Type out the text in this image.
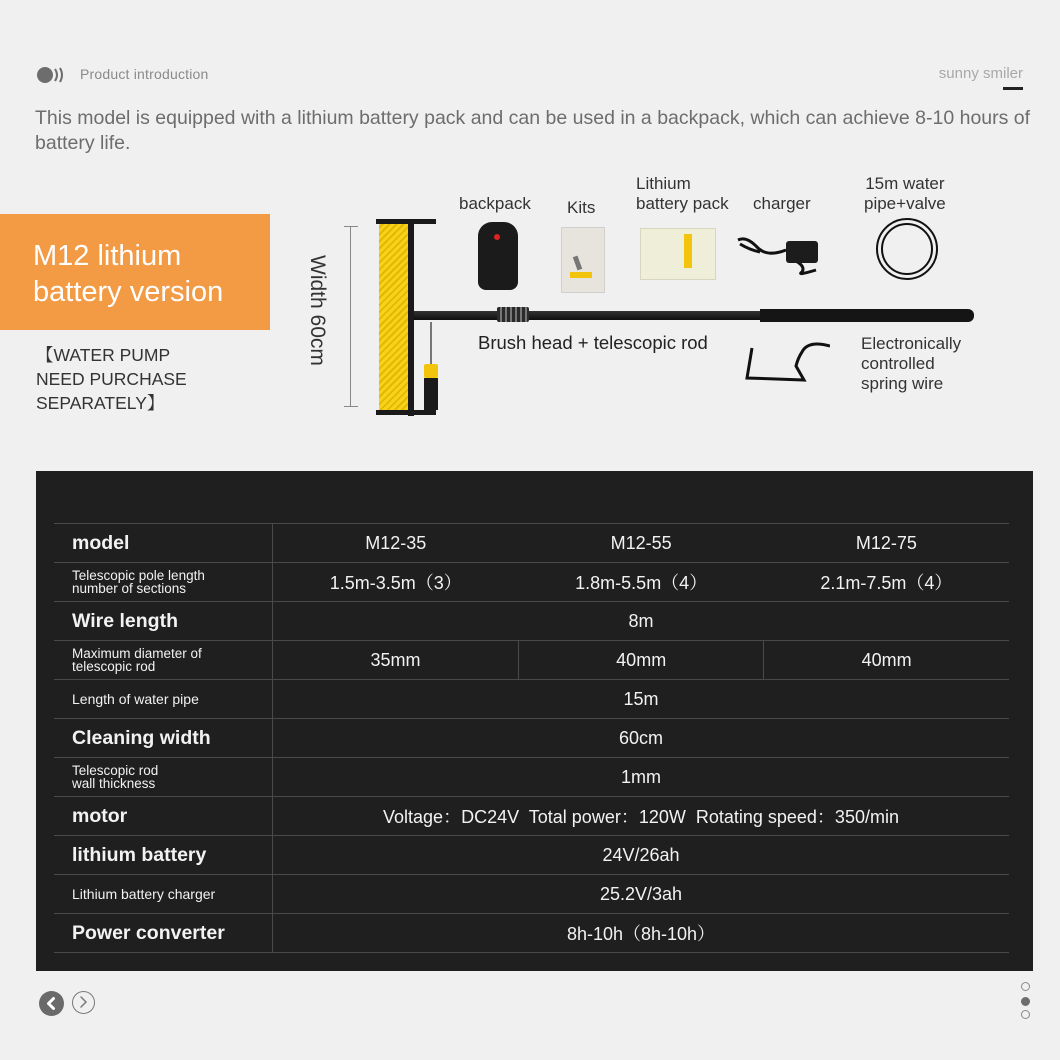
Product introduction	sunny smiler
This model is equipped with a lithium battery pack and can be used in a backpack, which can achieve 8-10 hours of battery life.
M12 lithium
battery version
【WATER PUMP
NEED PURCHASE
SEPARATELY】
Width 60cm	Brush head + telescopic rod
backpack Kits
Lithium
battery pack charger
15m water
pipe+valve
Electronically
controlled
spring wire
model	M12-35	M12-55	M12-75

Telescopic pole length
number of sections	1.5m-3.5m（3）	1.8m-5.5m（4）	2.1m-7.5m（4）
Wire length	8m		

Maximum diameter of
telescopic rod	35mm	40mm	40mm
Length of water pipe	15m		
Cleaning width	60cm		

Telescopic rod
wall thickness	1mm		
motor	Voltage：DC24V  Total power：120W  Rotating speed：350/min		
lithium battery	24V/26ah		
Lithium battery charger	25.2V/3ah		
Power converter	8h-10h（8h-10h）		
